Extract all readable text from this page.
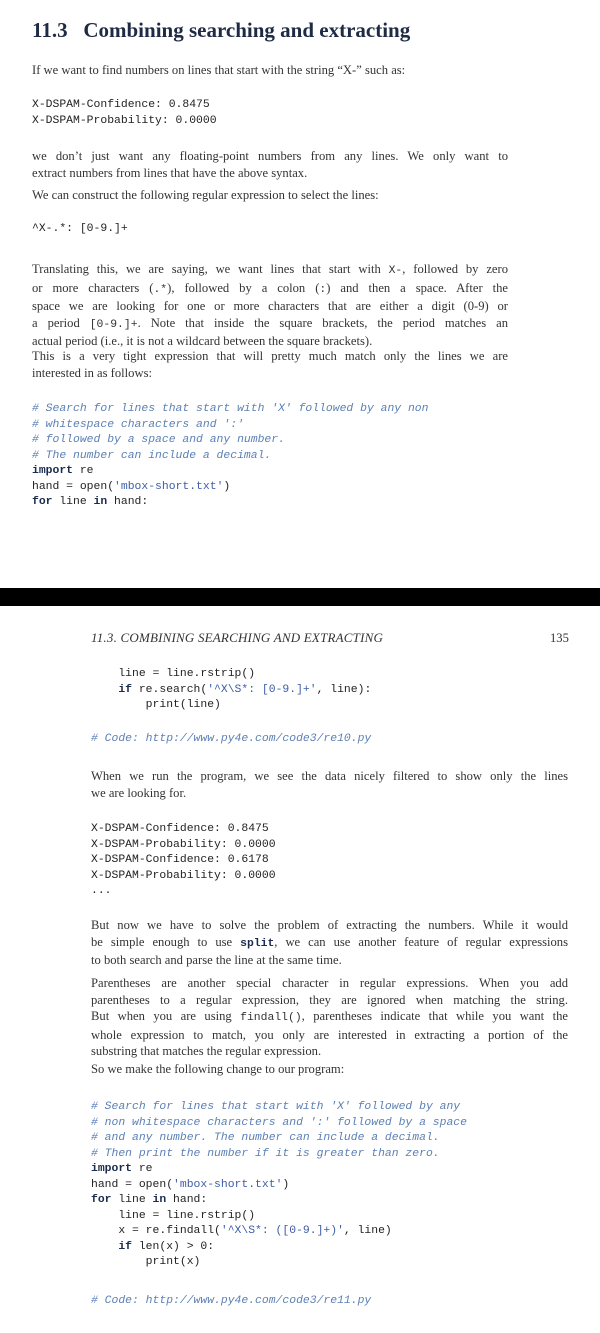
11.3 Combining searching and extracting
If we want to find numbers on lines that start with the string “X-” such as:
X-DSPAM-Confidence: 0.8475
X-DSPAM-Probability: 0.0000
we don’t just want any floating-point numbers from any lines. We only want to
extract numbers from lines that have the above syntax.
We can construct the following regular expression to select the lines:
^X-.*: [0-9.]+
Translating this, we are saying, we want lines that start with X-, followed by zero
or more characters (.*), followed by a colon (:) and then a space. After the
space we are looking for one or more characters that are either a digit (0-9) or
a period [0-9.]+. Note that inside the square brackets, the period matches an
actual period (i.e., it is not a wildcard between the square brackets).
This is a very tight expression that will pretty much match only the lines we are
interested in as follows:
# Search for lines that start with 'X' followed by any non
# whitespace characters and ':'
# followed by a space and any number.
# The number can include a decimal.
import re
hand = open('mbox-short.txt')
for line in hand:
11.3. COMBINING SEARCHING AND EXTRACTING	135
line = line.rstrip()
if re.search('^X\S*: [0-9.]+', line):
print(line)
# Code: http://www.py4e.com/code3/re10.py
When we run the program, we see the data nicely filtered to show only the lines
we are looking for.
X-DSPAM-Confidence: 0.8475
X-DSPAM-Probability: 0.0000
X-DSPAM-Confidence: 0.6178
X-DSPAM-Probability: 0.0000
...
But now we have to solve the problem of extracting the numbers. While it would
be simple enough to use split, we can use another feature of regular expressions
to both search and parse the line at the same time.
Parentheses are another special character in regular expressions. When you add
parentheses to a regular expression, they are ignored when matching the string.
But when you are using findall(), parentheses indicate that while you want the
whole expression to match, you only are interested in extracting a portion of the
substring that matches the regular expression.
So we make the following change to our program:
# Search for lines that start with 'X' followed by any
# non whitespace characters and ':' followed by a space
# and any number. The number can include a decimal.
# Then print the number if it is greater than zero.
import re
hand = open('mbox-short.txt')
for line in hand:
line = line.rstrip()
x = re.findall('^X\S*: ([0-9.]+)', line)
if len(x) > 0:
print(x)
# Code: http://www.py4e.com/code3/re11.py
